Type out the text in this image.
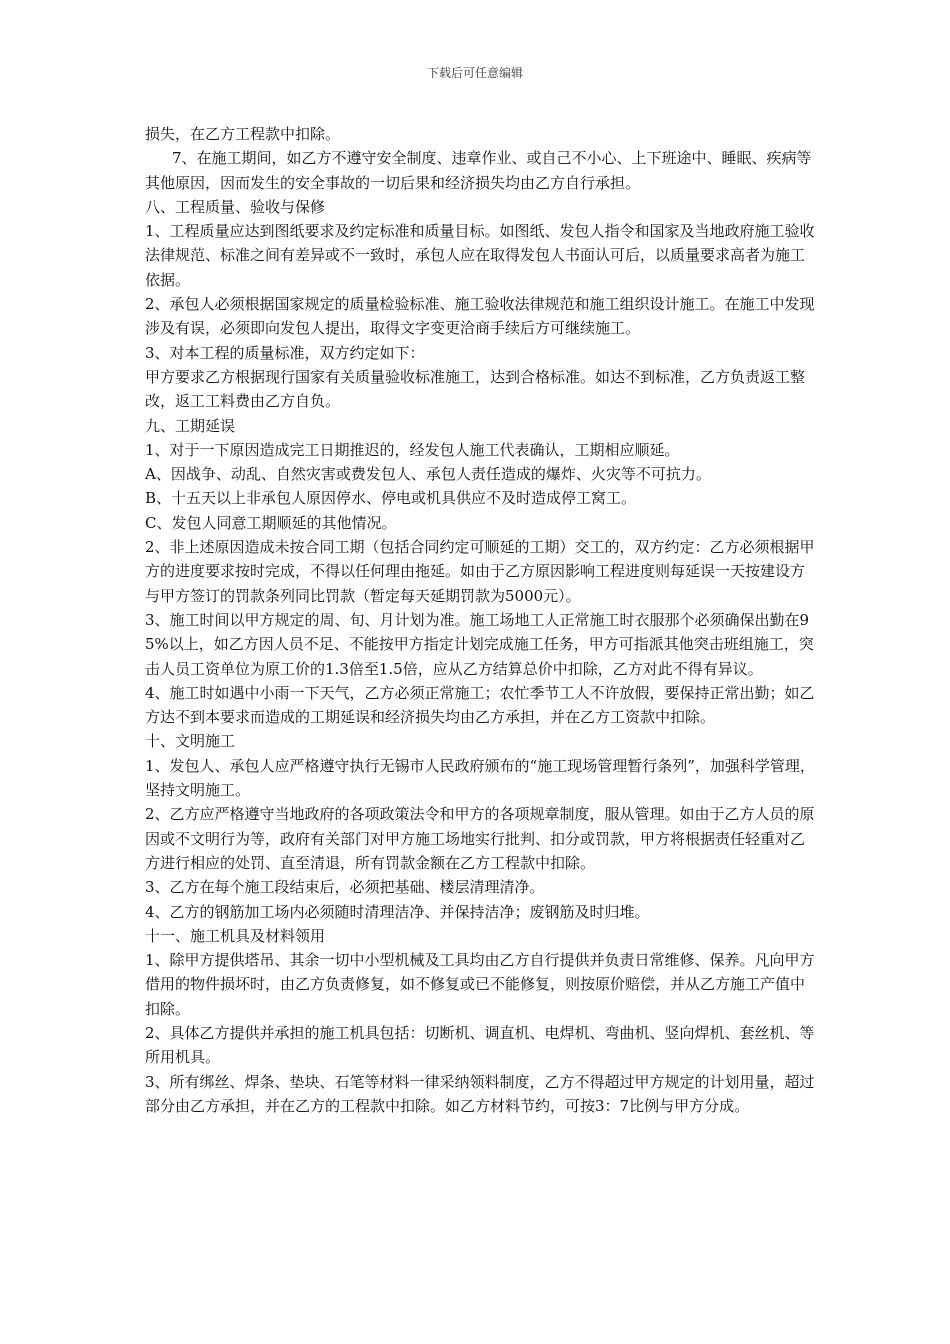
下载后可任意编辑

损失，在乙方工程款中扣除。

7、在施工期间，如乙方不遵守安全制度、违章作业、或自己不小心、上下班途中、睡眠、疾病等其他原因，因而发生的安全事故的一切后果和经济损失均由乙方自行承担。

八、工程质量、验收与保修

1、工程质量应达到图纸要求及约定标准和质量目标。如图纸、发包人指令和国家及当地政府施工验收法律规范、标准之间有差异或不一致时，承包人应在取得发包人书面认可后，以质量要求高者为施工依据。

2、承包人必须根据国家规定的质量检验标准、施工验收法律规范和施工组织设计施工。在施工中发现涉及有误，必须即向发包人提出，取得文字变更洽商手续后方可继续施工。

3、对本工程的质量标准，双方约定如下：

甲方要求乙方根据现行国家有关质量验收标准施工，达到合格标准。如达不到标准，乙方负责返工整改，返工工料费由乙方自负。

九、工期延误

1、对于一下原因造成完工日期推迟的，经发包人施工代表确认，工期相应顺延。

A、因战争、动乱、自然灾害或费发包人、承包人责任造成的爆炸、火灾等不可抗力。

B、十五天以上非承包人原因停水、停电或机具供应不及时造成停工窝工。

C、发包人同意工期顺延的其他情况。

2、非上述原因造成未按合同工期（包括合同约定可顺延的工期）交工的，双方约定：乙方必须根据甲方的进度要求按时完成，不得以任何理由拖延。如由于乙方原因影响工程进度则每延误一天按建设方与甲方签订的罚款条列同比罚款（暂定每天延期罚款为5000元）。

3、施工时间以甲方规定的周、旬、月计划为准。施工场地工人正常施工时衣服那个必须确保出勤在95%以上，如乙方因人员不足、不能按甲方指定计划完成施工任务，甲方可指派其他突击班组施工，突击人员工资单位为原工价的1.3倍至1.5倍，应从乙方结算总价中扣除，乙方对此不得有异议。

4、施工时如遇中小雨一下天气，乙方必须正常施工；农忙季节工人不许放假，要保持正常出勤；如乙方达不到本要求而造成的工期延误和经济损失均由乙方承担，并在乙方工资款中扣除。

十、文明施工

1、发包人、承包人应严格遵守执行无锡市人民政府颁布的“施工现场管理暂行条列”，加强科学管理，坚持文明施工。

2、乙方应严格遵守当地政府的各项政策法令和甲方的各项规章制度，服从管理。如由于乙方人员的原因或不文明行为等，政府有关部门对甲方施工场地实行批判、扣分或罚款，甲方将根据责任轻重对乙方进行相应的处罚、直至清退，所有罚款金额在乙方工程款中扣除。

3、乙方在每个施工段结束后，必须把基础、楼层清理清净。

4、乙方的钢筋加工场内必须随时清理洁净、并保持洁净；废钢筋及时归堆。

十一、施工机具及材料领用

1、除甲方提供塔吊、其余一切中小型机械及工具均由乙方自行提供并负责日常维修、保养。凡向甲方借用的物件损坏时，由乙方负责修复，如不修复或已不能修复，则按原价赔偿，并从乙方施工产值中扣除。

2、具体乙方提供并承担的施工机具包括：切断机、调直机、电焊机、弯曲机、竖向焊机、套丝机、等所用机具。

3、所有绑丝、焊条、垫块、石笔等材料一律采纳领料制度，乙方不得超过甲方规定的计划用量，超过部分由乙方承担，并在乙方的工程款中扣除。如乙方材料节约，可按3：7比例与甲方分成。
